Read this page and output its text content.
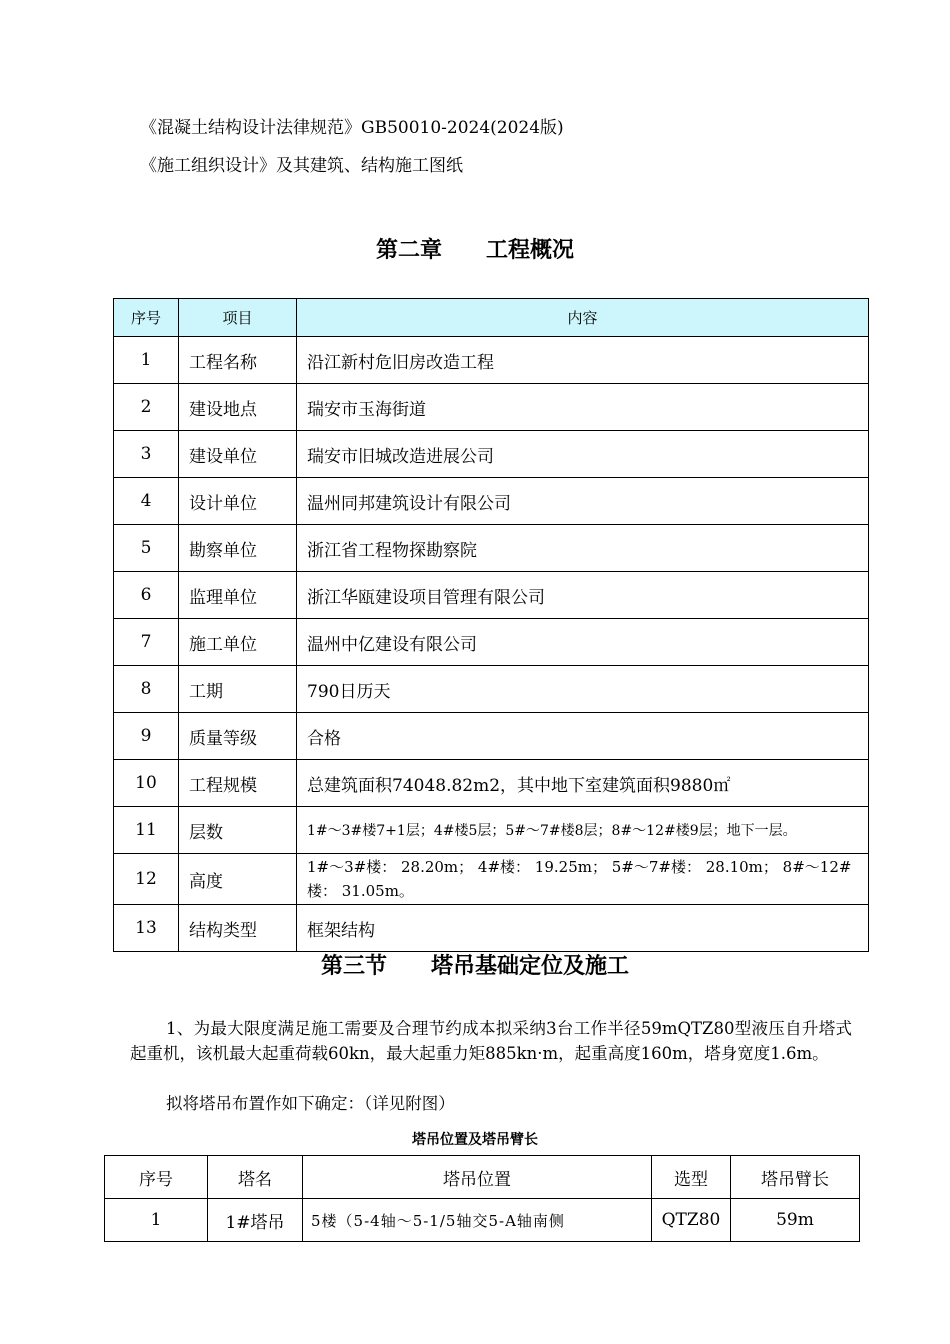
《混凝土结构设计法律规范》GB50010-2024(2024版)
《施工组织设计》及其建筑、结构施工图纸
第二章　　工程概况
序号	项目	内容
1	工程名称	沿江新村危旧房改造工程
2	建设地点	瑞安市玉海街道
3	建设单位	瑞安市旧城改造进展公司
4	设计单位	温州同邦建筑设计有限公司
5	勘察单位	浙江省工程物探勘察院
6	监理单位	浙江华瓯建设项目管理有限公司
7	施工单位	温州中亿建设有限公司
8	工期	790日历天
9	质量等级	合格
10	工程规模	总建筑面积74048.82m2，其中地下室建筑面积9880㎡
11	层数	1#～3#楼7+1层；4#楼5层；5#～7#楼8层；8#～12#楼9层；地下一层。
12	高度	1#～3#楼： 28.20m； 4#楼： 19.25m； 5#～7#楼： 28.10m； 8#～12#楼： 31.05m。
13	结构类型	框架结构
第三节　　塔吊基础定位及施工
1、为最大限度满足施工需要及合理节约成本拟采纳3台工作半径59mQTZ80型液压自升塔式起重机，该机最大起重荷载60kn，最大起重力矩885kn·m，起重高度160m，塔身宽度1.6m。
拟将塔吊布置作如下确定：（详见附图）
塔吊位置及塔吊臂长
序号	塔名	塔吊位置	选型	塔吊臂长
1	1#塔吊	5楼（5-4轴～5-1/5轴交5-A轴南侧	QTZ80	59m
